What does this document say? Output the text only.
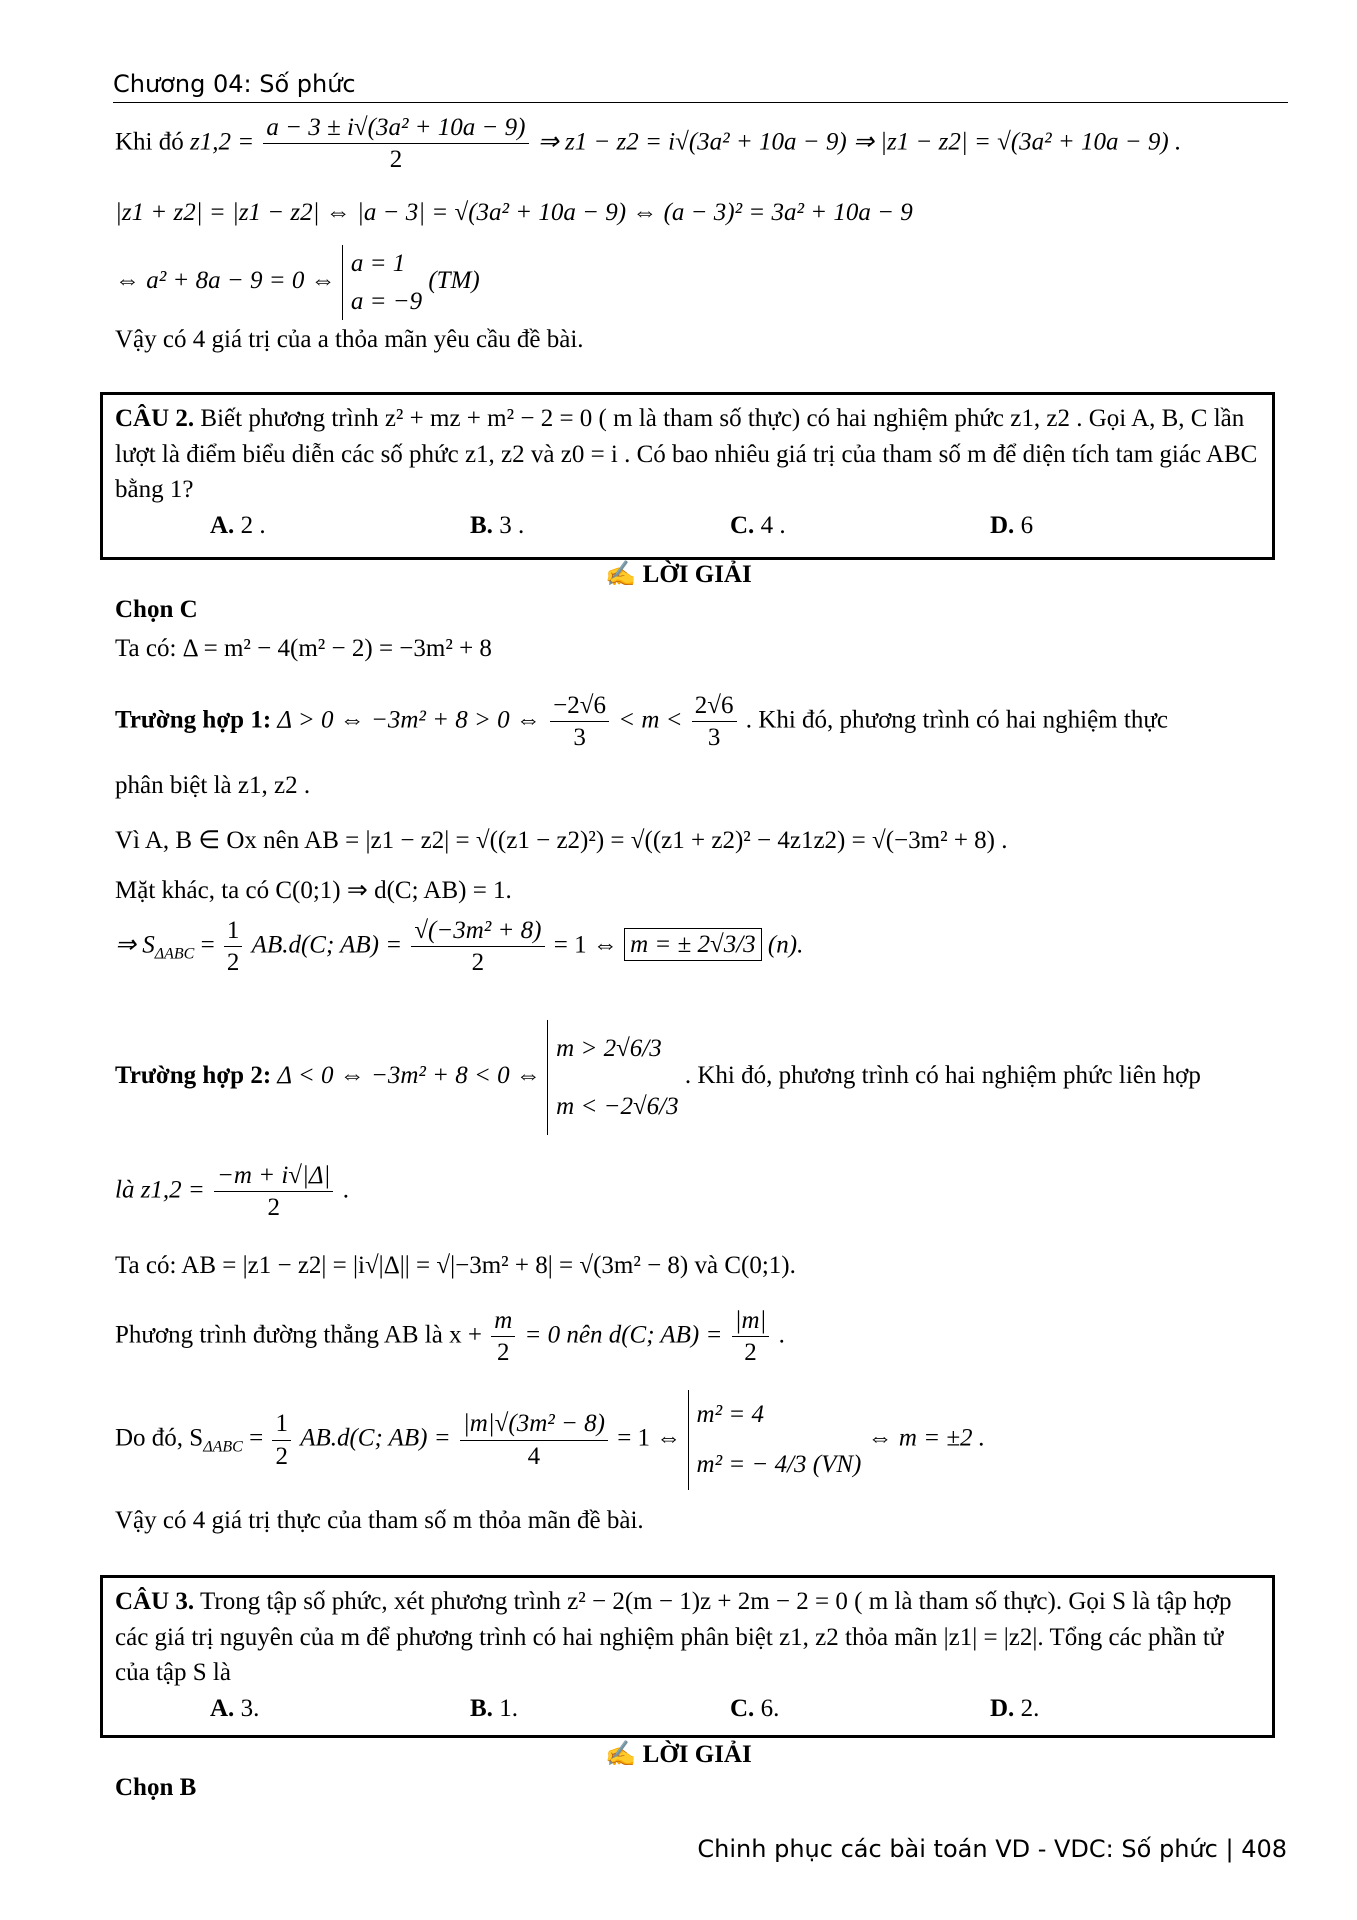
Chương 04: Số phức
Khi đó $z1,2 = \frac{\text{a − 3 ± i√(3a² + 10a − 9)}}{2}$ ⇒ z1 − z2 = i√(3a² + 10a − 9) ⇒ |z1 − z2| = √(3a² + 10a − 9) .
|z1 + z2| = |z1 − z2| ⇔ |a − 3| = √(3a² + 10a − 9) ⇔ (a − 3)² = 3a² + 10a − 9
⇔ a² + 8a − 9 = 0 ⇔ a = 1
a = −9 (TM)
Vậy có 4 giá trị của a thỏa mãn yêu cầu đề bài.
CÂU 2. Biết phương trình z² + mz + m² − 2 = 0 ( m là tham số thực) có hai nghiệm phức z1, z2 . Gọi A, B, C lần lượt là điểm biểu diễn các số phức z1, z2 và z0 = i . Có bao nhiêu giá trị của tham số m để diện tích tam giác ABC bằng 1?
A. 2 .	B. 3 .	C. 4 .	D. 6
✍ LỜI GIẢI
Chọn C
Ta có: Δ = m² − 4(m² − 2) = −3m² + 8
Trường hợp 1: Δ > 0 ⇔ −3m² + 8 > 0 ⇔ $\frac{-2√6}{3} < m < \frac{2√6}{3}$ . Khi đó, phương trình có hai nghiệm thực
phân biệt là z1, z2 .
Vì A, B ∈ Ox nên AB = |z1 − z2| = √((z1 − z2)²) = √((z1 + z2)² − 4z1z2) = √(−3m² + 8) .
Mặt khác, ta có C(0;1) ⇒ d(C; AB) = 1.
⇒ $S_{\Delta ABC} = \frac{1}{2} AB.d(C$; $AB) = \frac{\text{√(−3m² + 8)}}{2} = 1$ ⇔ m = ± 2√3/3 (n).
Trường hợp 2: Δ < 0 ⇔ −3m² + 8 < 0 ⇔ m > 2√6/3
m < −2√6/3 . Khi đó, phương trình có hai nghiệm phức liên hợp
là $z1,2 = \frac{-m + i√|\Delta|}{2}$ .
Ta có: AB = |z1 − z2| = |i√|Δ|| = √|−3m² + 8| = √(3m² − 8) và C(0;1).
Phương trình đường thẳng AB là $x + \frac{m}{2} = 0$ nên d(C; $AB) = \frac{|m|}{2}$ .
Do đó, $S_{\Delta ABC} = \frac{1}{2} AB.d(C$; $AB) = \frac{\text{|m|√(3m² − 8)}}{4} = 1$ ⇔ m² = 4
m² = − 4/3 (VN) ⇔ m = ±2 .
Vậy có 4 giá trị thực của tham số m thỏa mãn đề bài.
CÂU 3. Trong tập số phức, xét phương trình z² − 2(m − 1)z + 2m − 2 = 0 ( m là tham số thực). Gọi S là tập hợp các giá trị nguyên của m để phương trình có hai nghiệm phân biệt z1, z2 thỏa mãn |z1| = |z2|. Tổng các phần tử của tập S là
A. 3.	B. 1.	C. 6.	D. 2.
✍ LỜI GIẢI
Chọn B
Chinh phục các bài toán VD - VDC: Số phức | 408
